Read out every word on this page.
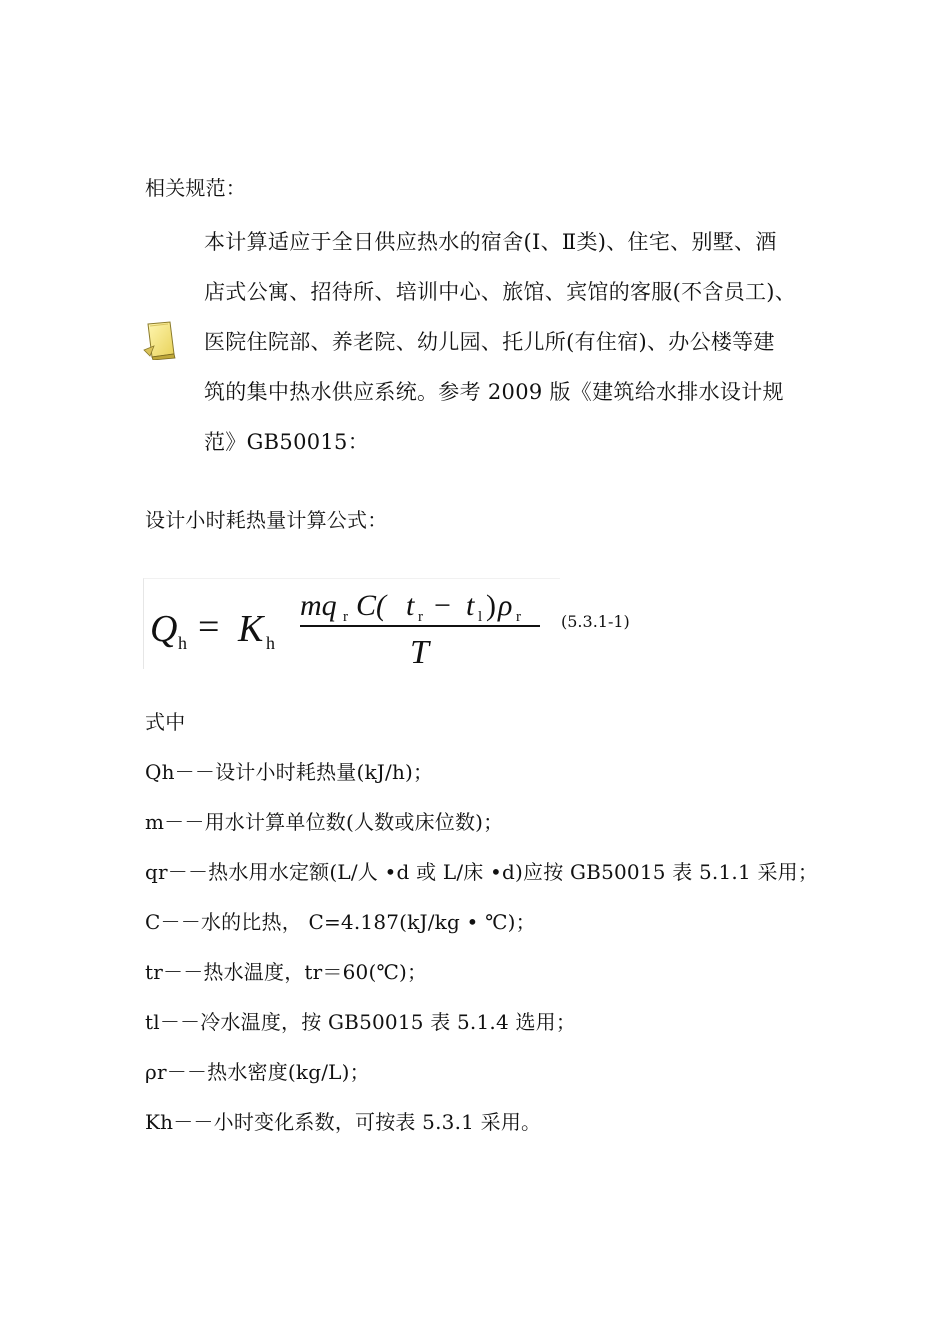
相关规范：
本计算适应于全日供应热水的宿舍(I、Ⅱ类)、住宅、别墅、酒
店式公寓、招待所、培训中心、旅馆、宾馆的客服(不含员工)、
医院住院部、养老院、幼儿园、托儿所(有住宿)、办公楼等建
筑的集中热水供应系统。参考 2009 版《建筑给水排水设计规
范》GB50015：
设计小时耗热量计算公式：
Q h = K h
mq r C( t r − t l ) ρ r
T
(5.3.1-1)
式中
Qh－－设计小时耗热量(kJ/h)；
m－－用水计算单位数(人数或床位数)；
qr－－热水用水定额(L/人 •d 或 L/床 •d)应按 GB50015 表 5.1.1 采用；
C－－水的比热， C=4.187(kJ/kg • ℃)；
tr－－热水温度，tr＝60(℃)；
tl－－冷水温度，按 GB50015 表 5.1.4 选用；
ρr－－热水密度(kg/L)；
Kh－－小时变化系数，可按表 5.3.1 采用。
